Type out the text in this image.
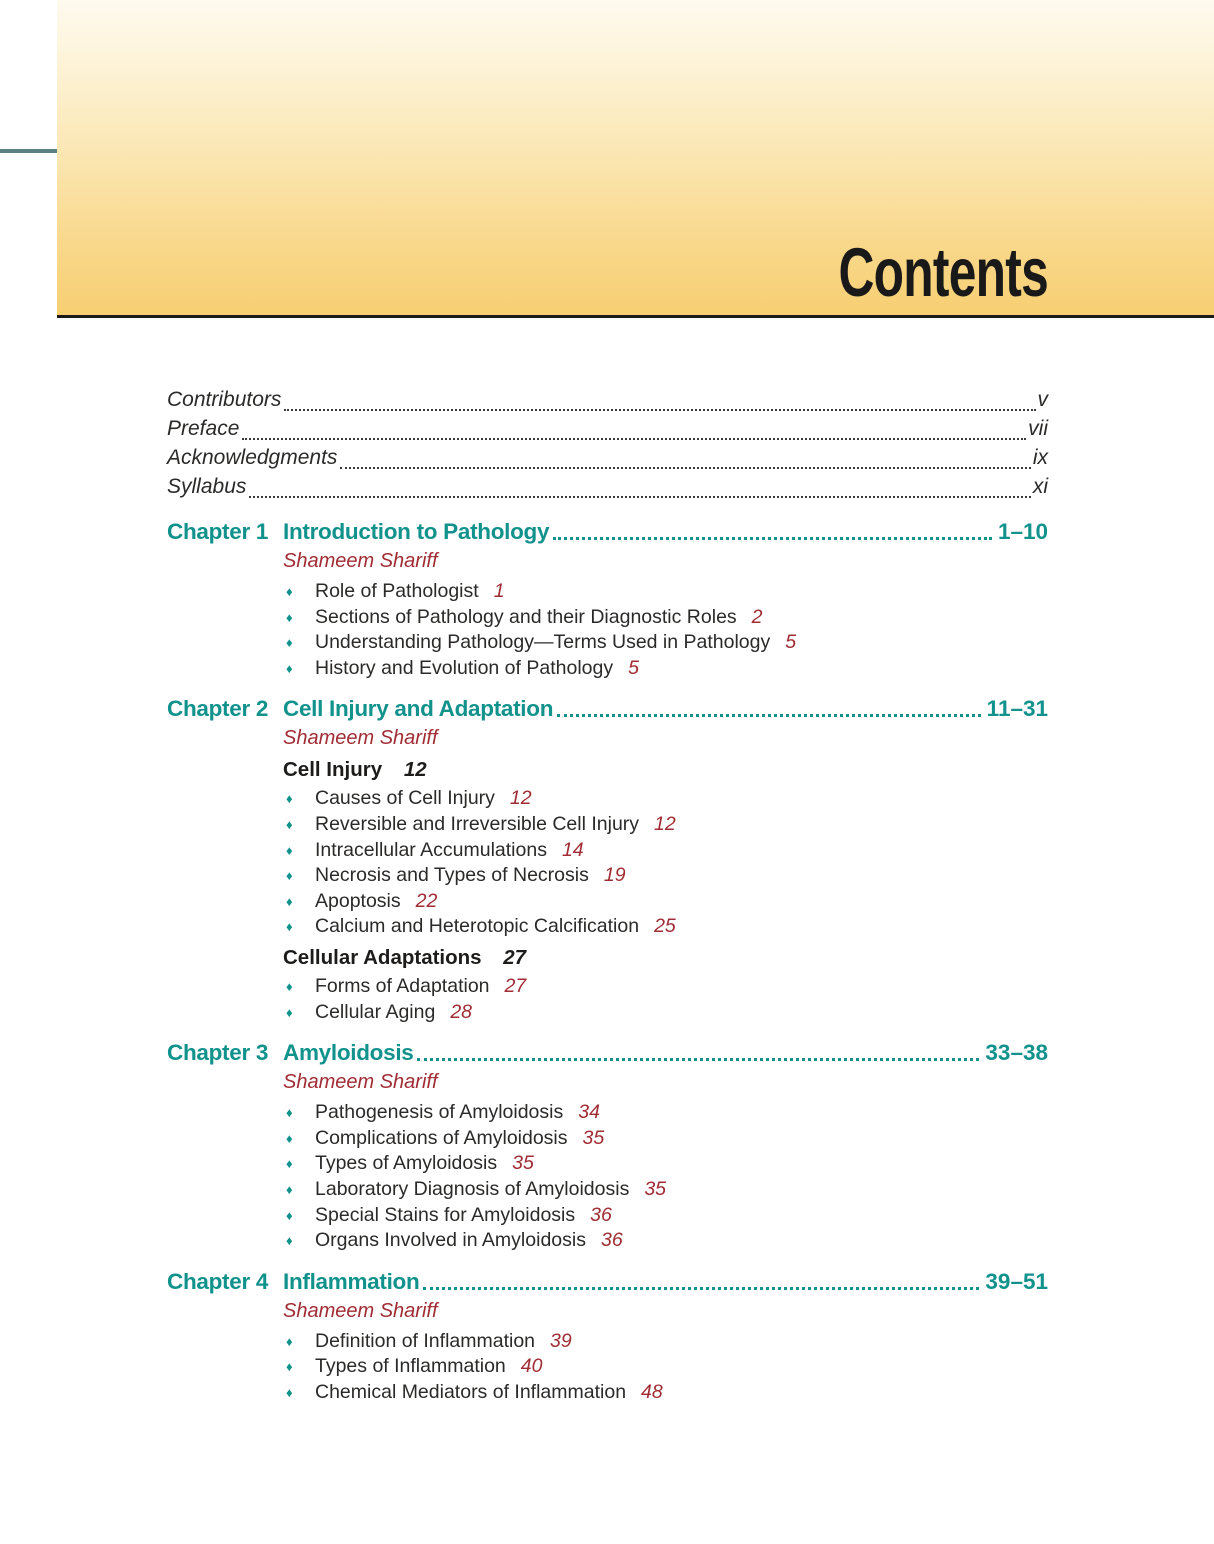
Contents
Contributors	v
Preface	vii
Acknowledgments	ix
Syllabus	xi
Chapter 1 Introduction to Pathology	1–10
Shameem Shariff
♦	Role of Pathologist 1
♦	Sections of Pathology and their Diagnostic Roles 2
♦	Understanding Pathology—Terms Used in Pathology 5
♦	History and Evolution of Pathology 5
Chapter 2 Cell Injury and Adaptation	11–31
Shameem Shariff
Cell Injury 12
♦	Causes of Cell Injury 12
♦	Reversible and Irreversible Cell Injury 12
♦	Intracellular Accumulations 14
♦	Necrosis and Types of Necrosis 19
♦	Apoptosis 22
♦	Calcium and Heterotopic Calcification 25
Cellular Adaptations 27
♦	Forms of Adaptation 27
♦	Cellular Aging 28
Chapter 3 Amyloidosis	33–38
Shameem Shariff
♦	Pathogenesis of Amyloidosis 34
♦	Complications of Amyloidosis 35
♦	Types of Amyloidosis 35
♦	Laboratory Diagnosis of Amyloidosis 35
♦	Special Stains for Amyloidosis 36
♦	Organs Involved in Amyloidosis 36
Chapter 4 Inflammation	39–51
Shameem Shariff
♦	Definition of Inflammation 39
♦	Types of Inflammation 40
♦	Chemical Mediators of Inflammation 48
